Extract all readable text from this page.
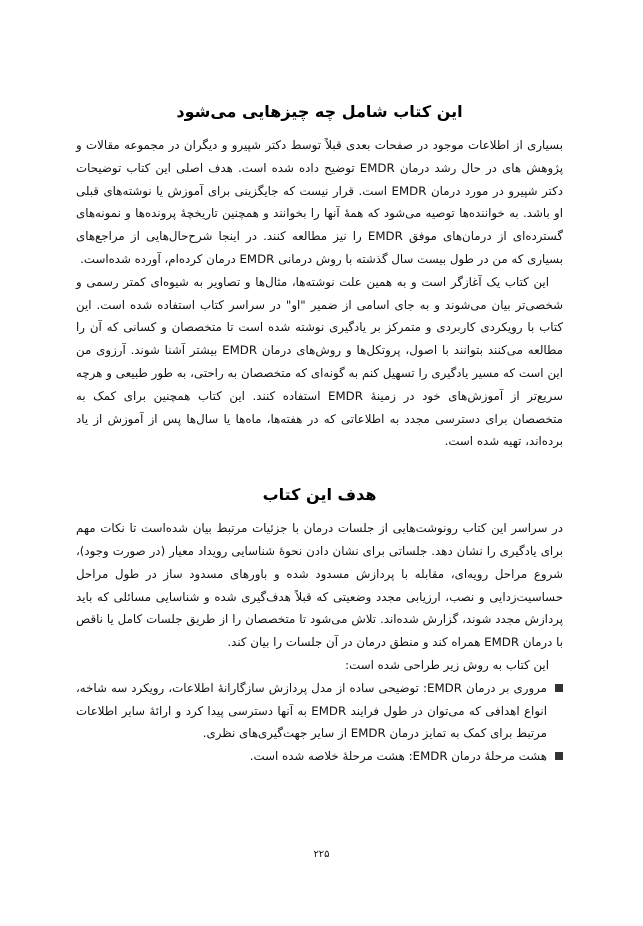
این کتاب شامل چه چیزهایی می‌شود

بسیاری از اطلاعات موجود در صفحات بعدی قبلاً توسط دکتر شپیرو و دیگران در مجموعه مقالات و پژوهش های در حال رشد درمان EMDR توضیح داده شده است. هدف اصلی این کتاب توضیحات دکتر شپیرو در مورد درمان EMDR است. قرار نیست که جایگزینی برای آموزش یا نوشته‌های قبلی او باشد. به خواننده‌ها توصیه می‌شود که همهٔ آنها را بخوانند و همچنین تاریخچهٔ پرونده‌ها و نمونه‌های گسترده‌ای از درمان‌های موفق EMDR را نیز مطالعه کنند. در اینجا شرح‌حال‌هایی از مراجع‌های بسیاری که من در طول بیست سال گذشته با روش درمانی EMDR درمان کرده‌ام، آورده شده‌است.

این کتاب یک آغازگر است و به همین علت نوشته‌ها، مثال‌ها و تصاویر به شیوه‌ای کمتر رسمی و شخصی‌تر بیان می‌شوند و به جای اسامی از ضمیر "او" در سراسر کتاب استفاده شده است. این کتاب با رویکردی کاربردی و متمرکز بر یادگیری نوشته شده است تا متخصصان و کسانی که آن را مطالعه می‌کنند بتوانند با اصول، پروتکل‌ها و روش‌های درمان EMDR بیشتر آشنا شوند. آرزوی من این است که مسیر یادگیری را تسهیل کنم به گونه‌ای که متخصصان به راحتی، به طور طبیعی و هرچه سریع‌تر از آموزش‌های خود در زمینهٔ EMDR استفاده کنند. این کتاب همچنین برای کمک به متخصصان برای دسترسی مجدد به اطلاعاتی که در هفته‌ها، ماه‌ها یا سال‌ها پس از آموزش از یاد برده‌اند، تهیه شده است.

هدف این کتاب

در سراسر این کتاب رونوشت‌هایی از جلسات درمان با جزئیات مرتبط بیان شده‌است تا نکات مهم برای یادگیری را نشان دهد. جلساتی برای نشان دادن نحوهٔ شناسایی رویداد معیار (در صورت وجود)، شروع مراحل رویه‌ای، مقابله با پردازش مسدود شده و باورهای مسدود ساز در طول مراحل حساسیت‌زدایی و نصب، ارزیابی مجدد وضعیتی که قبلاً هدف‌گیری شده و شناسایی مسائلی که باید پردازش مجدد شوند، گزارش شده‌اند. تلاش می‌شود تا متخصصان را از طریق جلسات کامل یا ناقص با درمان EMDR همراه کند و منطق درمان در آن جلسات را بیان کند.

این کتاب به روش زیر طراحی شده است:

مروری بر درمان EMDR: توضیحی ساده از مدل پردازش سازگارانهٔ اطلاعات، رویکرد سه شاخه، انواع اهدافی که می‌توان در طول فرایند EMDR به آنها دسترسی پیدا کرد و ارائهٔ سایر اطلاعات مرتبط برای کمک به تمایز درمان EMDR از سایر جهت‌گیری‌های نظری.
هشت مرحلهٔ درمان EMDR: هشت مرحلهٔ خلاصه شده است.
۲۲۵
